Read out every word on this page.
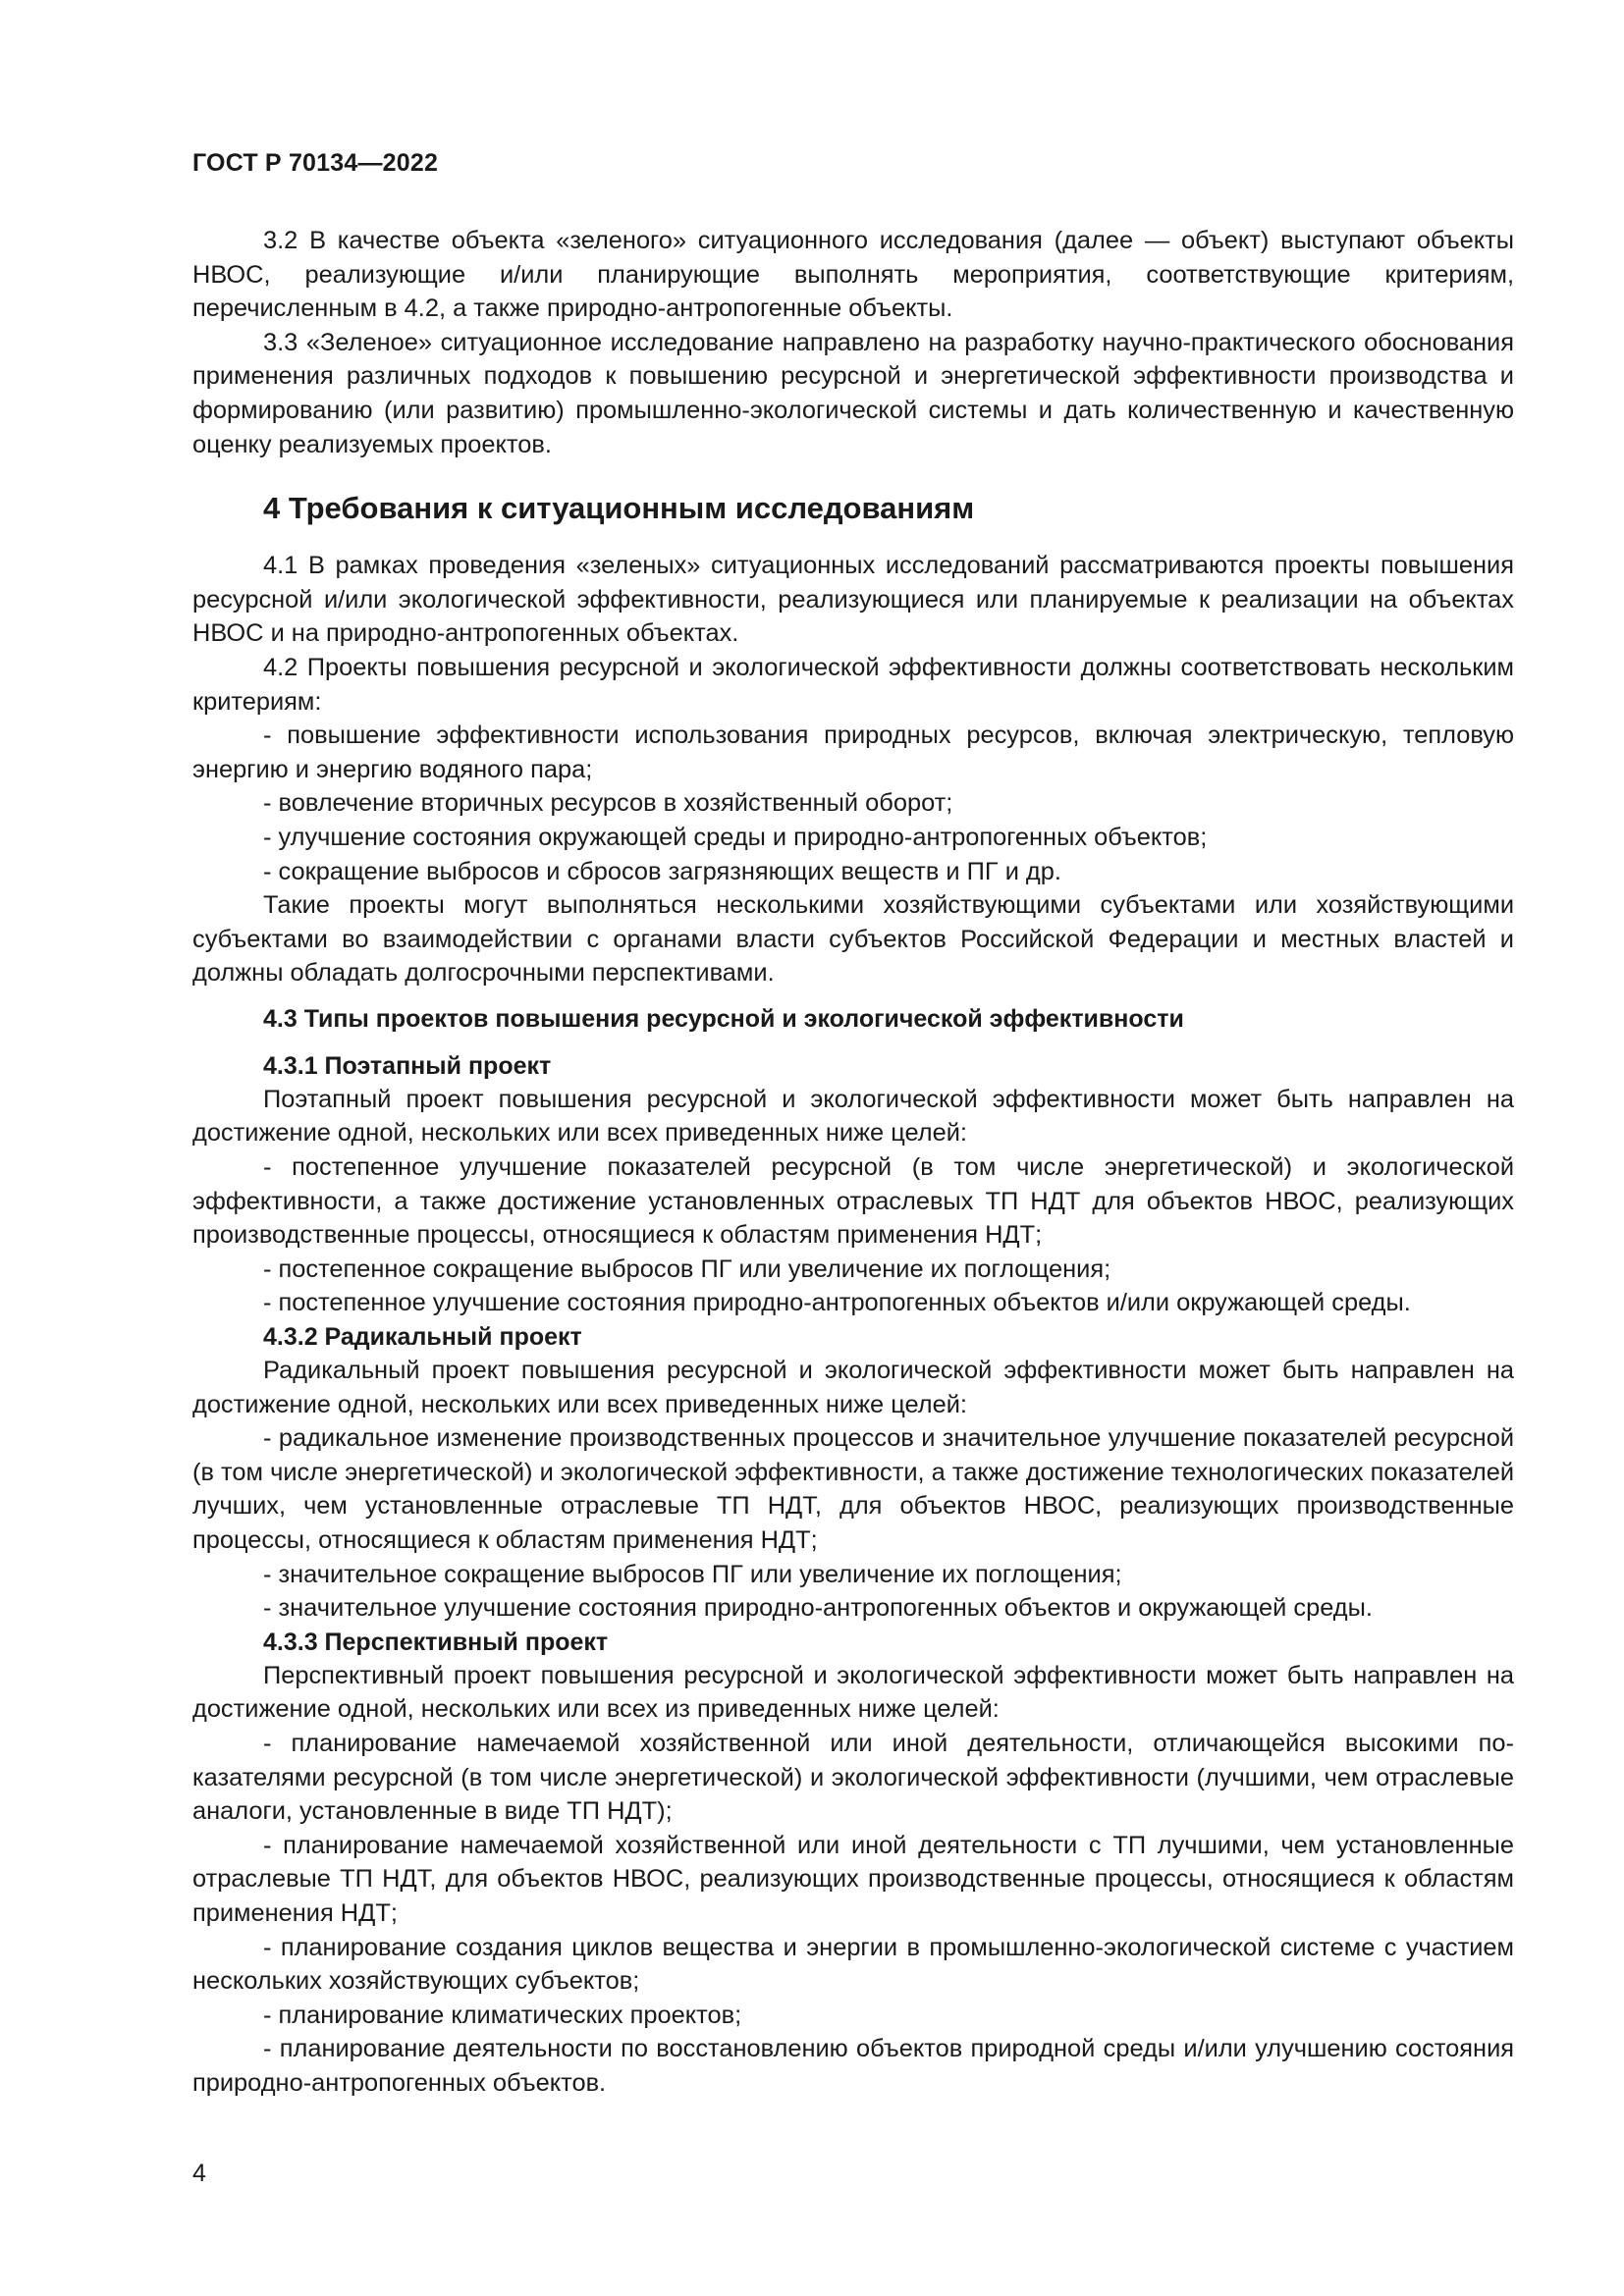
ГОСТ Р 70134—2022

3.2 В качестве объекта «зеленого» ситуационного исследования (далее — объект) выступают объекты НВОС, реализующие и/или планирующие выполнять мероприятия, соответствующие критериям, перечисленным в 4.2, а также природно-антропогенные объекты.

3.3 «Зеленое» ситуационное исследование направлено на разработку научно-практического обоснования применения различных подходов к повышению ресурсной и энергетической эффективности производства и формированию (или развитию) промышленно-экологической системы и дать количественную и качественную оценку реализуемых проектов.

4 Требования к ситуационным исследованиям

4.1 В рамках проведения «зеленых» ситуационных исследований рассматриваются проекты повышения ресурсной и/или экологической эффективности, реализующиеся или планируемые к реализации на объектах НВОС и на природно-антропогенных объектах.

4.2 Проекты повышения ресурсной и экологической эффективности должны соответствовать нескольким критериям:

- повышение эффективности использования природных ресурсов, включая электрическую, тепловую энергию и энергию водяного пара;

- вовлечение вторичных ресурсов в хозяйственный оборот;

- улучшение состояния окружающей среды и природно-антропогенных объектов;

- сокращение выбросов и сбросов загрязняющих веществ и ПГ и др.

Такие проекты могут выполняться несколькими хозяйствующими субъектами или хозяйствующими субъектами во взаимодействии с органами власти субъектов Российской Федерации и местных властей и должны обладать долгосрочными перспективами.

4.3 Типы проектов повышения ресурсной и экологической эффективности
4.3.1 Поэтапный проект

Поэтапный проект повышения ресурсной и экологической эффективности может быть направлен на достижение одной, нескольких или всех приведенных ниже целей:

- постепенное улучшение показателей ресурсной (в том числе энергетической) и экологической эффективности, а также достижение установленных отраслевых ТП НДТ для объектов НВОС, реализующих производственные процессы, относящиеся к областям применения НДТ;

- постепенное сокращение выбросов ПГ или увеличение их поглощения;

- постепенное улучшение состояния природно-антропогенных объектов и/или окружающей среды.

4.3.2 Радикальный проект

Радикальный проект повышения ресурсной и экологической эффективности может быть направлен на достижение одной, нескольких или всех приведенных ниже целей:

- радикальное изменение производственных процессов и значительное улучшение показателей ресурсной (в том числе энергетической) и экологической эффективности, а также достижение технологических показателей лучших, чем установленные отраслевые ТП НДТ, для объектов НВОС, реализующих производственные процессы, относящиеся к областям применения НДТ;

- значительное сокращение выбросов ПГ или увеличение их поглощения;

- значительное улучшение состояния природно-антропогенных объектов и окружающей среды.

4.3.3 Перспективный проект

Перспективный проект повышения ресурсной и экологической эффективности может быть направлен на достижение одной, нескольких или всех из приведенных ниже целей:

- планирование намечаемой хозяйственной или иной деятельности, отличающейся высокими показателями ресурсной (в том числе энергетической) и экологической эффективности (лучшими, чем отраслевые аналоги, установленные в виде ТП НДТ);

- планирование намечаемой хозяйственной или иной деятельности с ТП лучшими, чем установленные отраслевые ТП НДТ, для объектов НВОС, реализующих производственные процессы, относящиеся к областям применения НДТ;

- планирование создания циклов вещества и энергии в промышленно-экологической системе с участием нескольких хозяйствующих субъектов;

- планирование климатических проектов;

- планирование деятельности по восстановлению объектов природной среды и/или улучшению состояния природно-антропогенных объектов.

4
